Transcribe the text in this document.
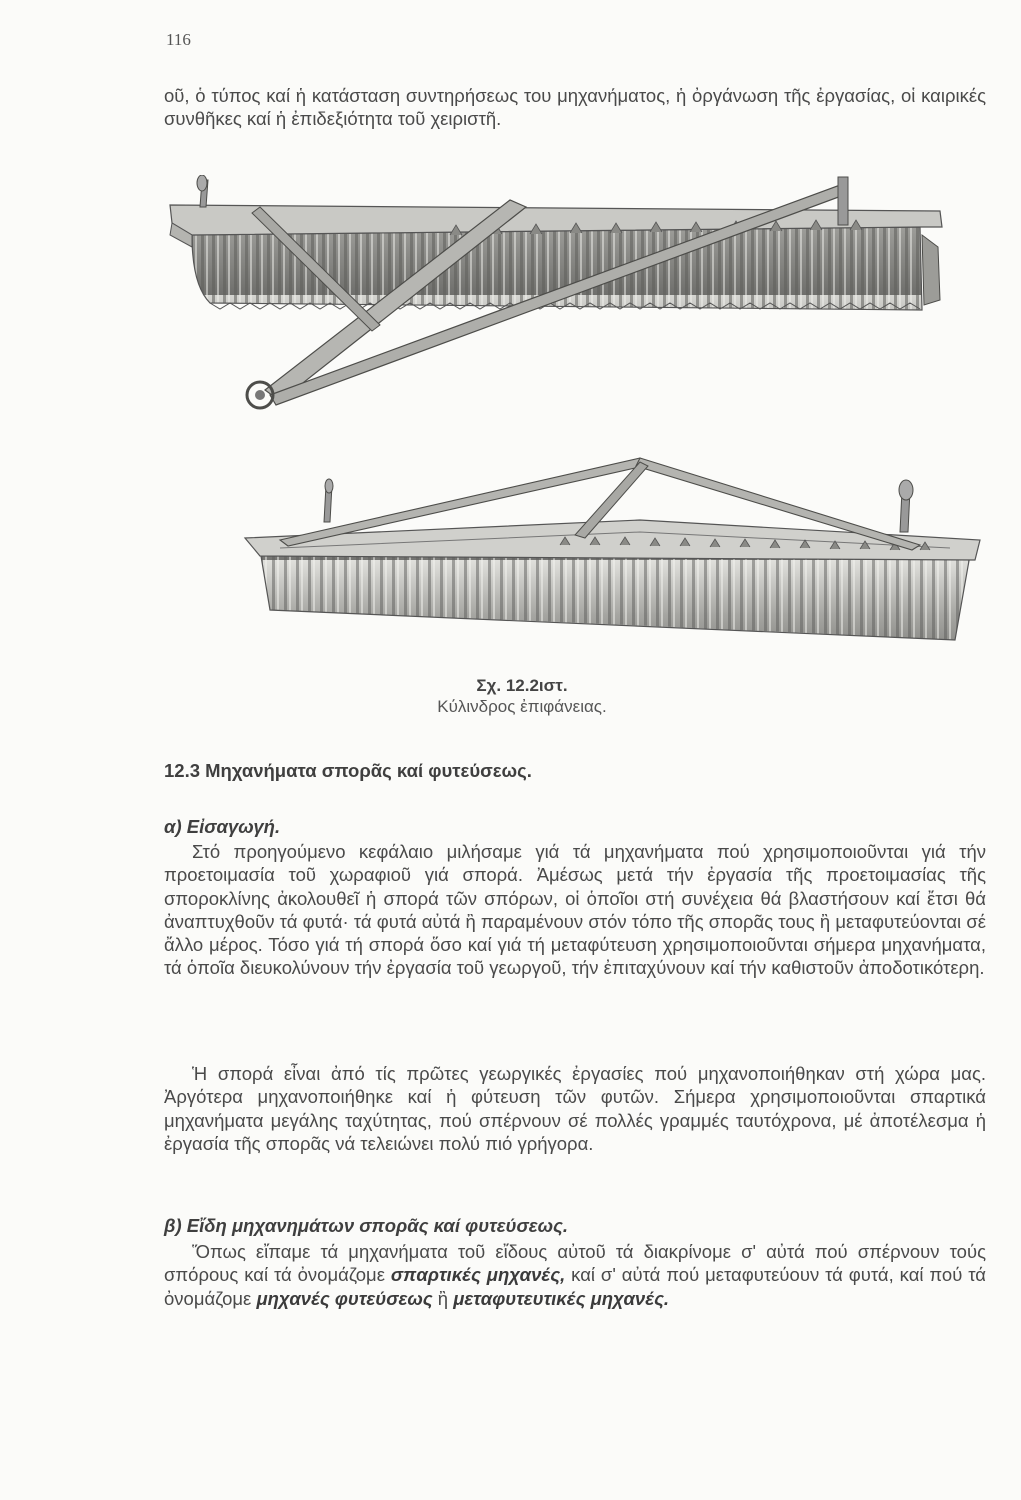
116
οῦ, ὁ τύπος καί ἡ κατάσταση συντηρήσεως του μηχανήματος, ἡ ὀργάνωση τῆς ἐργασίας, οἱ καιρικές συνθῆκες καί ἡ ἐπιδεξιότητα τοῦ χειριστῆ.
Σχ. 12.2ιστ.
Κύλινδρος ἐπιφάνειας.
12.3 Μηχανήματα σπορᾶς καί φυτεύσεως.
α) Εἰσαγωγή.
Στό προηγούμενο κεφάλαιο μιλήσαμε γιά τά μηχανήματα πού χρησιμοποιοῦνται γιά τήν προετοιμασία τοῦ χωραφιοῦ γιά σπορά. Ἀμέσως μετά τήν ἐργασία τῆς προετοιμασίας τῆς σποροκλίνης ἀκολουθεῖ ἡ σπορά τῶν σπόρων, οἱ ὁποῖοι στή συνέχεια θά βλαστήσουν καί ἔτσι θά ἀναπτυχθοῦν τά φυτά· τά φυτά αὐτά ἢ παραμένουν στόν τόπο τῆς σπορᾶς τους ἢ μεταφυτεύονται σέ ἄλλο μέρος. Τόσο γιά τή σπορά ὅσο καί γιά τή μεταφύτευση χρησιμοποιοῦνται σήμερα μηχανήματα, τά ὁποῖα διευκολύνουν τήν ἐργασία τοῦ γεωργοῦ, τήν ἐπιταχύνουν καί τήν καθιστοῦν ἀποδοτικότερη.
Ἡ σπορά εἶναι ἀπό τίς πρῶτες γεωργικές ἐργασίες πού μηχανοποιήθηκαν στή χώρα μας. Ἀργότερα μηχανοποιήθηκε καί ἡ φύτευση τῶν φυτῶν. Σήμερα χρησιμοποιοῦνται σπαρτικά μηχανήματα μεγάλης ταχύτητας, πού σπέρνουν σέ πολλές γραμμές ταυτόχρονα, μέ ἀποτέλεσμα ἡ ἐργασία τῆς σπορᾶς νά τελειώνει πολύ πιό γρήγορα.
β) Εἴδη μηχανημάτων σπορᾶς καί φυτεύσεως.
Ὅπως εἴπαμε τά μηχανήματα τοῦ εἴδους αὐτοῦ τά διακρίνομε σ' αὐτά πού σπέρνουν τούς σπόρους καί τά ὀνομάζομε σπαρτικές μηχανές, καί σ' αὐτά πού μεταφυτεύουν τά φυτά, καί πού τά ὀνομάζομε μηχανές φυτεύσεως ἢ μεταφυτευτικές μηχανές.
